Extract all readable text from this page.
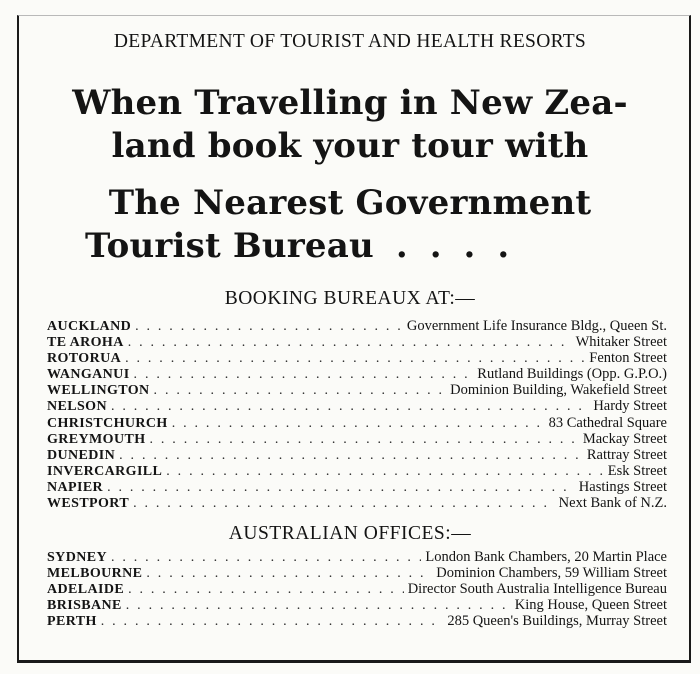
DEPARTMENT OF TOURIST AND HEALTH RESORTS
When Travelling in New Zea-
land book your tour with
The Nearest Government
Tourist Bureau ....
BOOKING BUREAUX AT:—
AUCKLAND . . .	Government Life Insurance Bldg., Queen St.
TE AROHA . . .	Whitaker Street
ROTORUA . . .	Fenton Street
WANGANUI . . .	Rutland Buildings (Opp. G.P.O.)
WELLINGTON . . .	Dominion Building, Wakefield Street
NELSON . . .	Hardy Street
CHRISTCHURCH . . .	83 Cathedral Square
GREYMOUTH . . .	Mackay Street
DUNEDIN . . .	Rattray Street
INVERCARGILL . . .	Esk Street
NAPIER . . .	Hastings Street
WESTPORT . . .	Next Bank of N.Z.
AUSTRALIAN OFFICES:—
SYDNEY . . .	London Bank Chambers, 20 Martin Place
MELBOURNE . . .	Dominion Chambers, 59 William Street
ADELAIDE . . .	Director South Australia Intelligence Bureau
BRISBANE . . .	King House, Queen Street
PERTH . . .	285 Queen's Buildings, Murray Street
